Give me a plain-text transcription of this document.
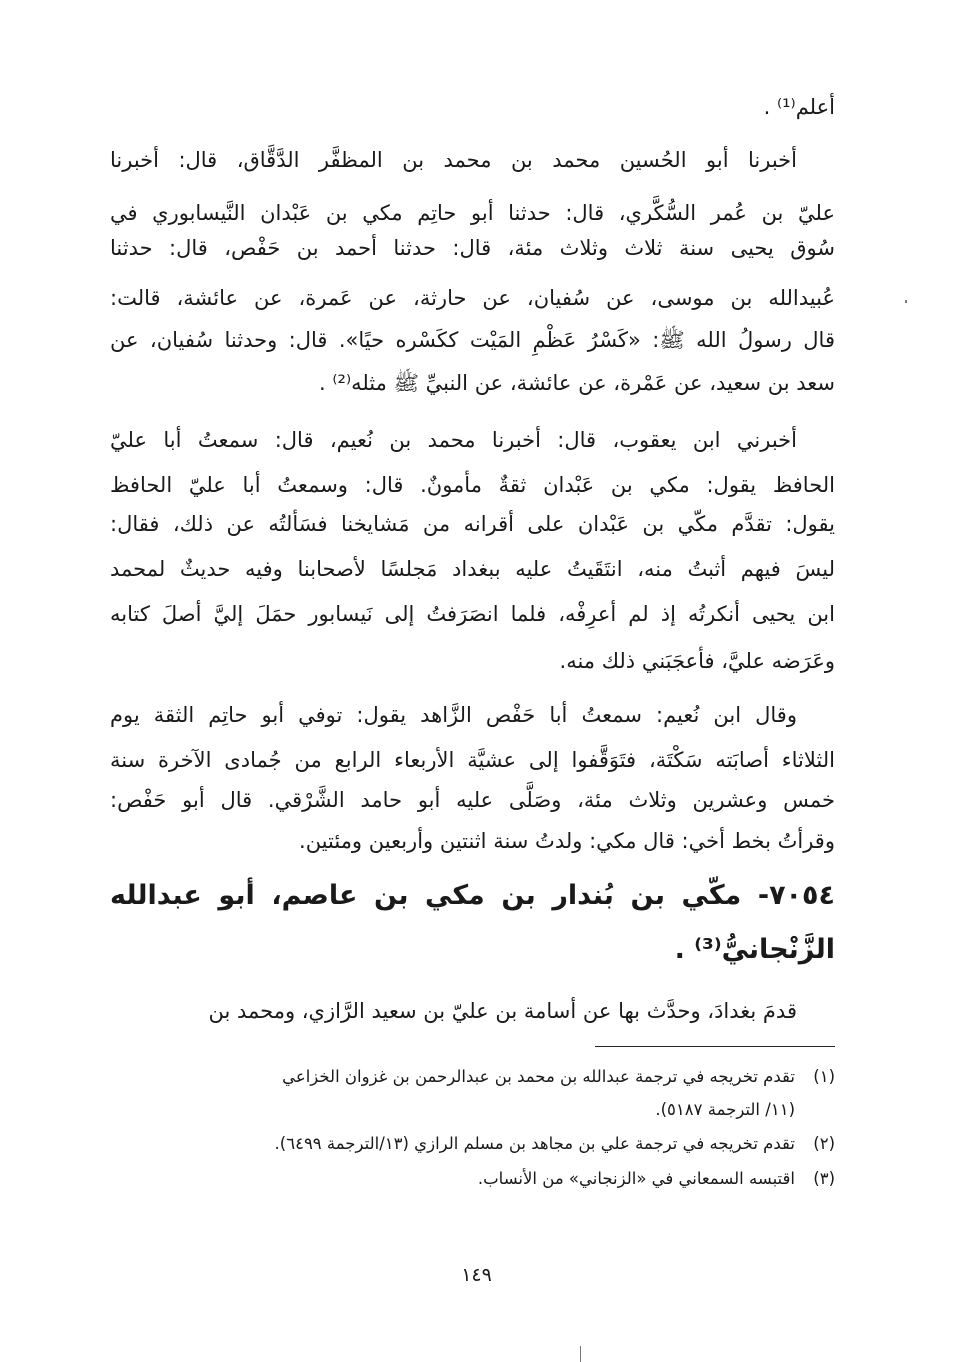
أعلم⁽¹⁾ .
أخبرنا أبو الحُسين محمد بن محمد بن المظفَّر الدَّقَّاق، قال: أخبرنا
عليّ بن عُمر السُّكَّري، قال: حدثنا أبو حاتِم مكي بن عَبْدان النَّيسابوري في
سُوق يحيى سنة ثلاث وثلاث مئة، قال: حدثنا أحمد بن حَفْص، قال: حدثنا
عُبيدالله بن موسى، عن سُفيان، عن حارثة، عن عَمرة، عن عائشة، قالت:
قال رسولُ الله ﷺ: «كَسْرُ عَظْمِ المَيْت ككَسْره حيًا». قال: وحدثنا سُفيان، عن
سعد بن سعيد، عن عَمْرة، عن عائشة، عن النبيِّ ﷺ مثله⁽²⁾ .
أخبرني ابن يعقوب، قال: أخبرنا محمد بن نُعيم، قال: سمعتُ أبا عليّ
الحافظ يقول: مكي بن عَبْدان ثقةٌ مأمونٌ. قال: وسمعتُ أبا عليّ الحافظ
يقول: تقدَّم مكّي بن عَبْدان على أقرانه من مَشايخنا فسَألتُه عن ذلك، فقال:
ليسَ فيهم أثبتُ منه، انتَقَيتُ عليه ببغداد مَجلسًا لأصحابنا وفيه حديثٌ لمحمد
ابن يحيى أنكرتُه إذ لم أعرِفْه، فلما انصَرَفتُ إلى نَيسابور حمَلَ إليَّ أصلَ كتابه
وعَرَضه عليَّ، فأعجَبَني ذلك منه.
وقال ابن نُعيم: سمعتُ أبا حَفْص الزَّاهد يقول: توفي أبو حاتِم الثقة يوم
الثلاثاء أصابَته سَكْتَة، فتَوَقَّفوا إلى عشيَّة الأربعاء الرابع من جُمادى الآخرة سنة
خمس وعشرين وثلاث مئة، وصَلَّى عليه أبو حامد الشَّرْقي. قال أبو حَفْص:
وقرأتُ بخط أخي: قال مكي: ولدتُ سنة اثنتين وأربعين ومئتين.
٧٠٥٤- مكّي بن بُندار بن مكي بن عاصم، أبو عبدالله
الزَّنْجانيُّ⁽³⁾ .
قدمَ بغدادَ، وحدَّث بها عن أسامة بن عليّ بن سعيد الرَّازي، ومحمد بن
(١)تقدم تخريجه في ترجمة عبدالله بن محمد بن عبدالرحمن بن غزوان الخزاعي
(١١/ الترجمة ٥١٨٧).
(٢)تقدم تخريجه في ترجمة علي بن مجاهد بن مسلم الرازي (١٣/الترجمة ٦٤٩٩).
(٣)اقتبسه السمعاني في «الزنجاني» من الأنساب.
١٤٩
